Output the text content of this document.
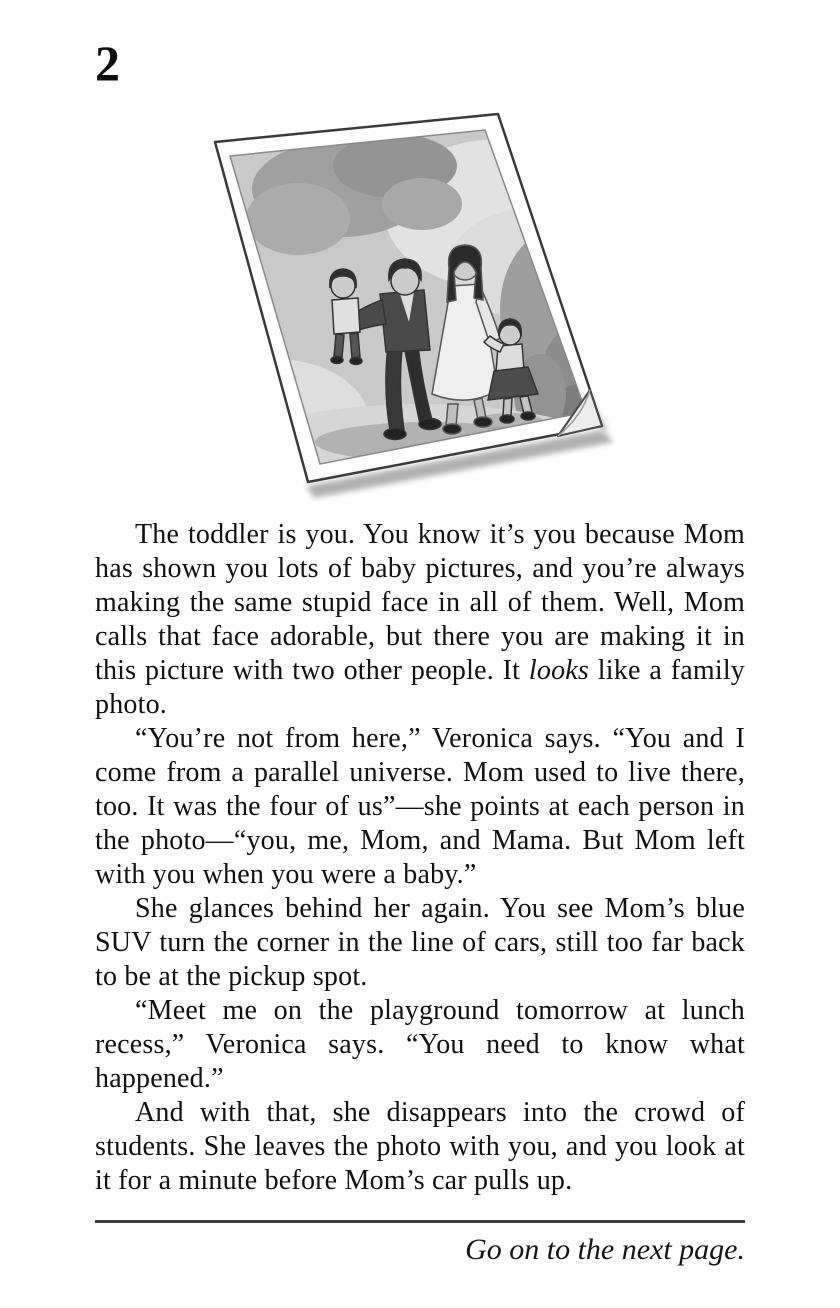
2

The toddler is you. You know it’s you because Mom has shown you lots of baby pictures, and you’re always making the same stupid face in all of them. Well, Mom calls that face adorable, but there you are making it in this picture with two other people. It looks like a family photo.

“You’re not from here,” Veronica says. “You and I come from a parallel universe. Mom used to live there, too. It was the four of us”—she points at each person in the photo—“you, me, Mom, and Mama. But Mom left with you when you were a baby.”

She glances behind her again. You see Mom’s blue SUV turn the corner in the line of cars, still too far back to be at the pickup spot.

“Meet me on the playground tomorrow at lunch recess,” Veronica says. “You need to know what happened.”

And with that, she disappears into the crowd of students. She leaves the photo with you, and you look at it for a minute before Mom’s car pulls up.

Go on to the next page.
